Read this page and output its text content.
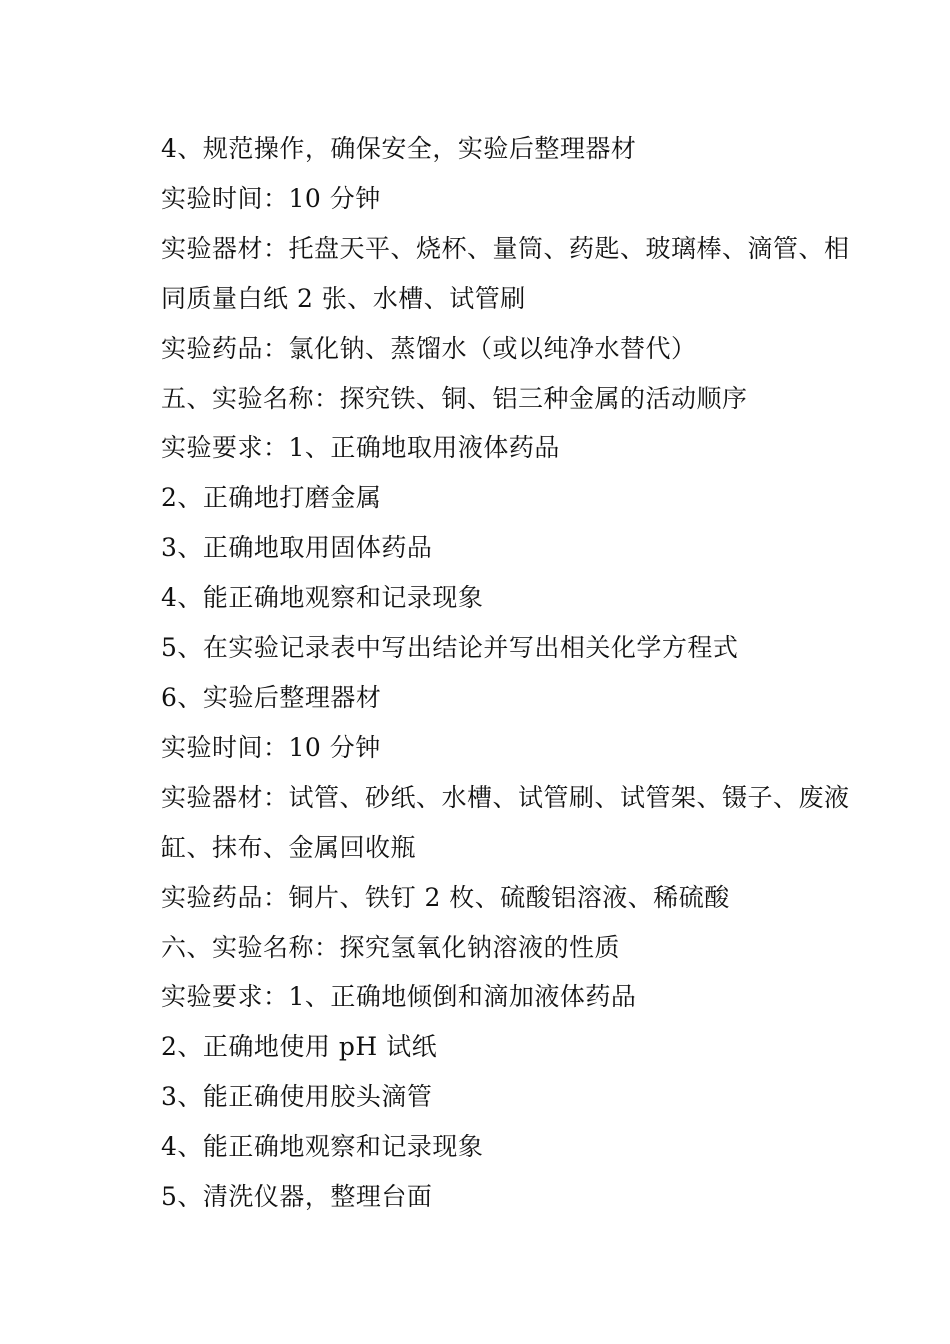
4、规范操作，确保安全，实验后整理器材
实验时间：10 分钟
实验器材：托盘天平、烧杯、量筒、药匙、玻璃棒、滴管、相
同质量白纸 2 张、水槽、试管刷
实验药品：氯化钠、蒸馏水（或以纯净水替代）
五、实验名称：探究铁、铜、铝三种金属的活动顺序
实验要求：1、正确地取用液体药品
2、正确地打磨金属
3、正确地取用固体药品
4、能正确地观察和记录现象
5、在实验记录表中写出结论并写出相关化学方程式
6、实验后整理器材
实验时间：10 分钟
实验器材：试管、砂纸、水槽、试管刷、试管架、镊子、废液
缸、抹布、金属回收瓶
实验药品：铜片、铁钉 2 枚、硫酸铝溶液、稀硫酸
六、实验名称：探究氢氧化钠溶液的性质
实验要求：1、正确地倾倒和滴加液体药品
2、正确地使用 pH 试纸
3、能正确使用胶头滴管
4、能正确地观察和记录现象
5、清洗仪器，整理台面
